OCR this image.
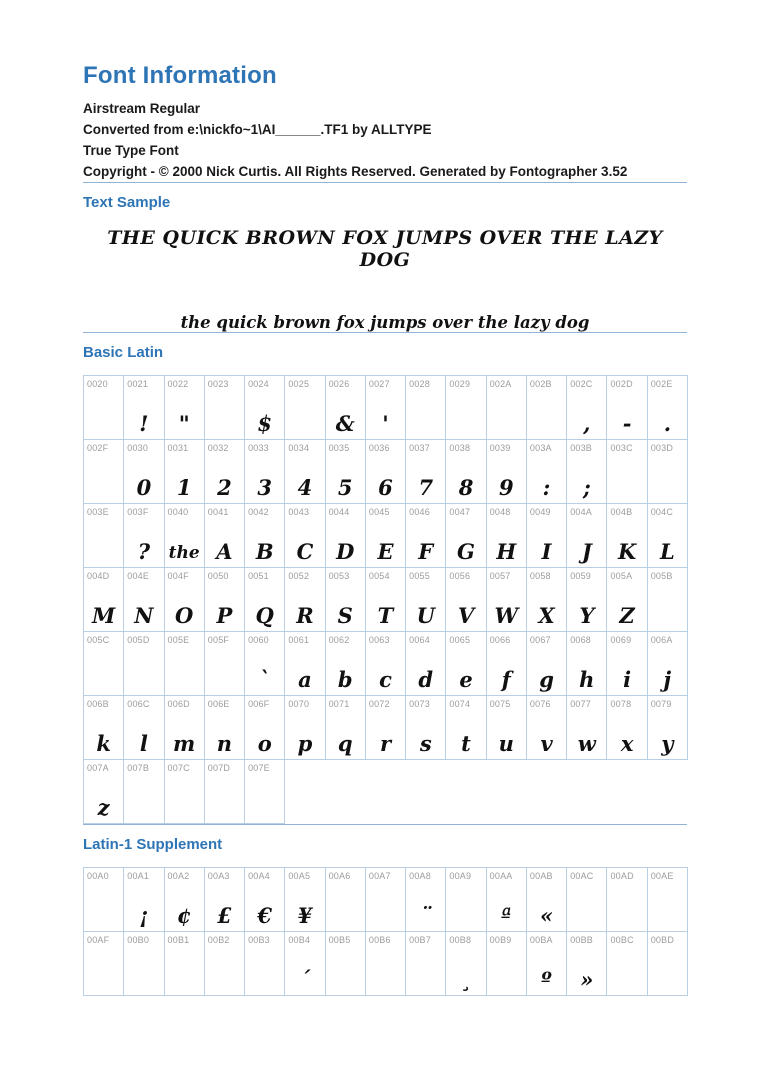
Font Information

Airstream Regular

Converted from e:\nickfo~1\AI______.TF1 by ALLTYPE

True Type Font

Copyright - © 2000 Nick Curtis. All Rights Reserved. Generated by Fontographer 3.52

Text Sample
THE QUICK BROWN FOX JUMPS OVER THE LAZY DOG
the quick brown fox jumps over the lazy dog
Basic Latin
0020 0021
!
0022
"
0023 0024
$
0025 0026
&
0027
'
0028 0029 002A 002B 002C
,
002D
-
002E
.
002F 0030
0
0031
1
0032
2
0033
3
0034
4
0035
5
0036
6
0037
7
0038
8
0039
9
003A
:
003B
;
003C 003D
003E 003F
?
0040
the
0041
A
0042
B
0043
C
0044
D
0045
E
0046
F
0047
G
0048
H
0049
I
004A
J
004B
K
004C
L
004D
M
004E
N
004F
O
0050
P
0051
Q
0052
R
0053
S
0054
T
0055
U
0056
V
0057
W
0058
X
0059
Y
005A
Z
005B
005C 005D 005E 005F 0060
`
0061
a
0062
b
0063
c
0064
d
0065
e
0066
f
0067
g
0068
h
0069
i
006A
j
006B
k
006C
l
006D
m
006E
n
006F
o
0070
p
0071
q
0072
r
0073
s
0074
t
0075
u
0076
v
0077
w
0078
x
0079
y
007A
z
007B 007C 007D 007E
Latin-1 Supplement
00A0 00A1
¡
00A2
¢
00A3
£
00A4
€
00A5
¥
00A6 00A7 00A8
¨
00A9 00AA
ª
00AB
«
00AC 00AD 00AE
00AF 00B0 00B1 00B2 00B3 00B4
´
00B5 00B6 00B7 00B8
¸
00B9 00BA
º
00BB
»
00BC 00BD
